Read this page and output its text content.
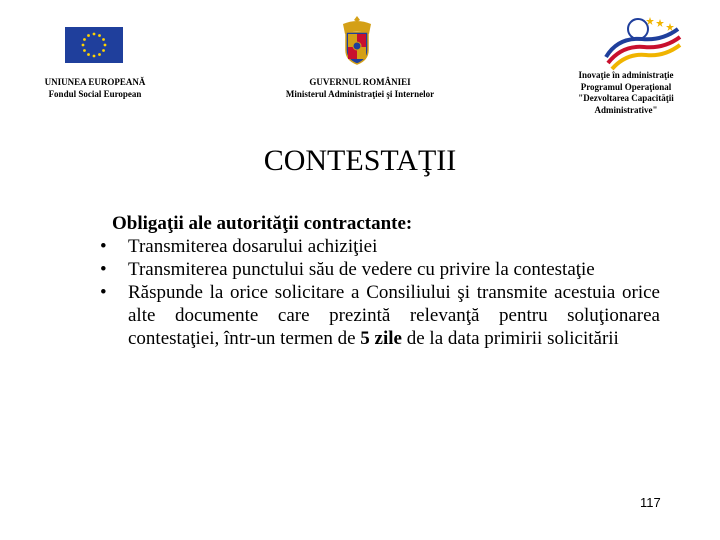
UNIUNEA EUROPEANĂ
Fondul Social European
GUVERNUL ROMÂNIEI
Ministerul Administraţiei şi Internelor
Inovaţie în administraţie
Programul Operaţional
"Dezvoltarea Capacităţii
Administrative"
CONTESTAŢII
Obligaţii ale autorităţii contractante:
• Transmiterea dosarului achiziţiei
• Transmiterea punctului său de vedere cu privire la contestaţie
• Răspunde la orice solicitare a Consiliului şi transmite acestuia orice alte documente care prezintă relevanţă pentru soluţionarea contestaţiei, într-un termen de 5 zile de la data primirii solicitării
117
